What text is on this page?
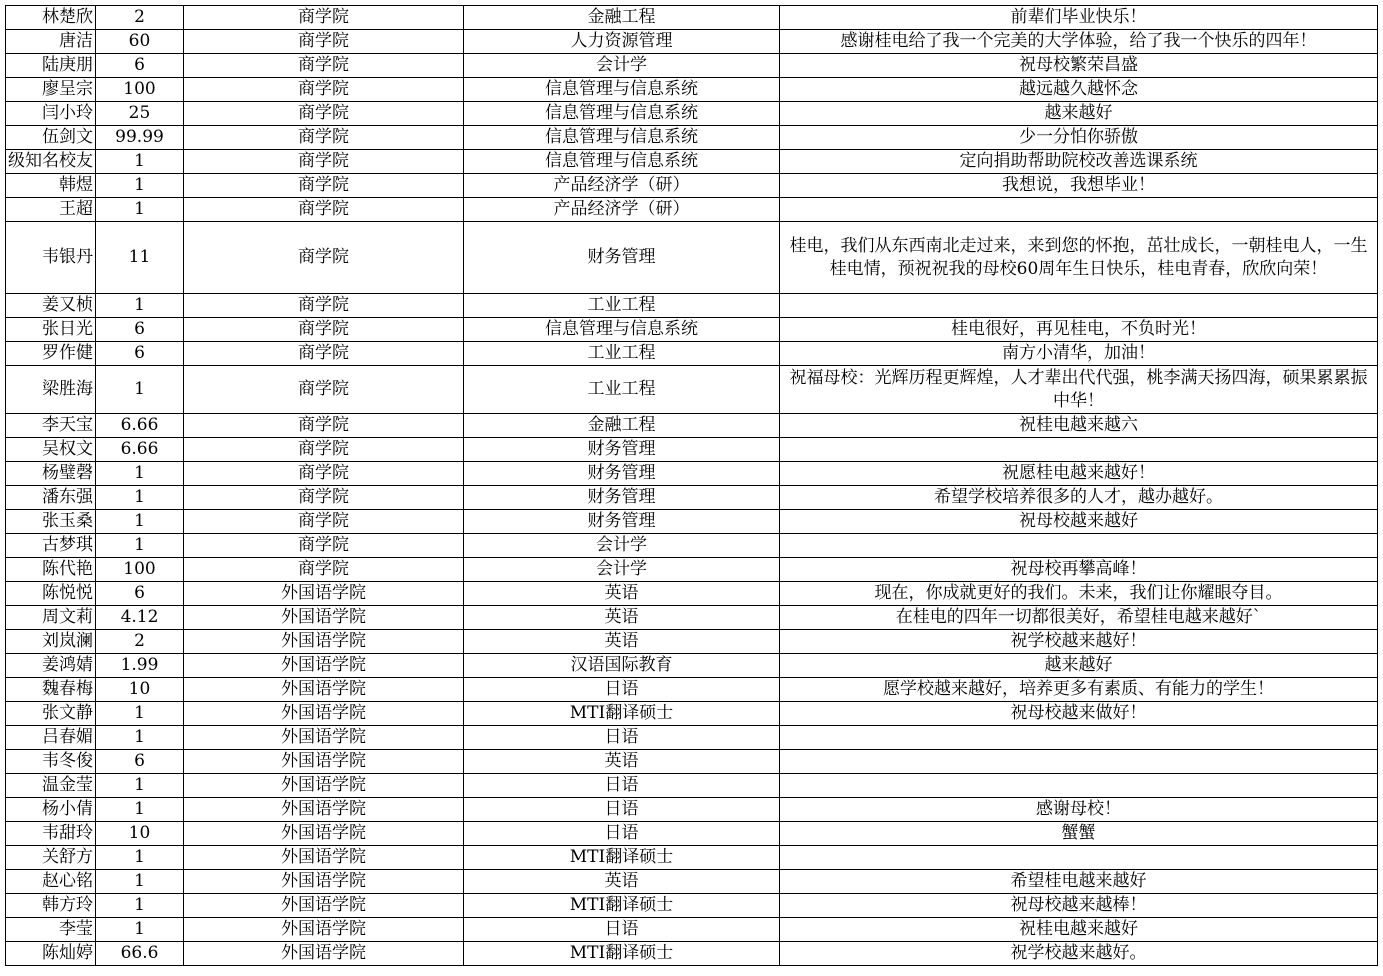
林楚欣	2	商学院	金融工程	前辈们毕业快乐！
唐洁	60	商学院	人力资源管理	感谢桂电给了我一个完美的大学体验，给了我一个快乐的四年！
陆庚朋	6	商学院	会计学	祝母校繁荣昌盛
廖呈宗	100	商学院	信息管理与信息系统	越远越久越怀念
闫小玲	25	商学院	信息管理与信息系统	越来越好
伍剑文	99.99	商学院	信息管理与信息系统	少一分怕你骄傲
级知名校友	1	商学院	信息管理与信息系统	定向捐助帮助院校改善选课系统
韩煜	1	商学院	产品经济学（研）	我想说，我想毕业！
王超	1	商学院	产品经济学（研）	
韦银丹	11	商学院	财务管理	桂电，我们从东西南北走过来，来到您的怀抱，茁壮成长，一朝桂电人，一生桂电情，预祝祝我的母校60周年生日快乐，桂电青春，欣欣向荣！
姜又桢	1	商学院	工业工程	
张日光	6	商学院	信息管理与信息系统	桂电很好，再见桂电，不负时光！
罗作健	6	商学院	工业工程	南方小清华，加油！
梁胜海	1	商学院	工业工程	祝福母校：光辉历程更辉煌，人才辈出代代强，桃李满天扬四海，硕果累累振中华！
李天宝	6.66	商学院	金融工程	祝桂电越来越六
吴权文	6.66	商学院	财务管理	
杨璧磬	1	商学院	财务管理	祝愿桂电越来越好！
潘东强	1	商学院	财务管理	希望学校培养很多的人才，越办越好。
张玉桑	1	商学院	财务管理	祝母校越来越好
古梦琪	1	商学院	会计学	
陈代艳	100	商学院	会计学	祝母校再攀高峰！
陈悦悦	6	外国语学院	英语	现在，你成就更好的我们。未来，我们让你耀眼夺目。
周文莉	4.12	外国语学院	英语	在桂电的四年一切都很美好，希望桂电越来越好`
刘岚澜	2	外国语学院	英语	祝学校越来越好！
姜鸿婧	1.99	外国语学院	汉语国际教育	越来越好
魏春梅	10	外国语学院	日语	愿学校越来越好，培养更多有素质、有能力的学生！
张文静	1	外国语学院	MTI翻译硕士	祝母校越来做好！
吕春媚	1	外国语学院	日语	
韦冬俊	6	外国语学院	英语	
温金莹	1	外国语学院	日语	
杨小倩	1	外国语学院	日语	感谢母校！
韦甜玲	10	外国语学院	日语	蟹蟹
关舒方	1	外国语学院	MTI翻译硕士	
赵心铭	1	外国语学院	英语	希望桂电越来越好
韩方玲	1	外国语学院	MTI翻译硕士	祝母校越来越棒！
李莹	1	外国语学院	日语	祝桂电越来越好
陈灿婷	66.6	外国语学院	MTI翻译硕士	祝学校越来越好。
